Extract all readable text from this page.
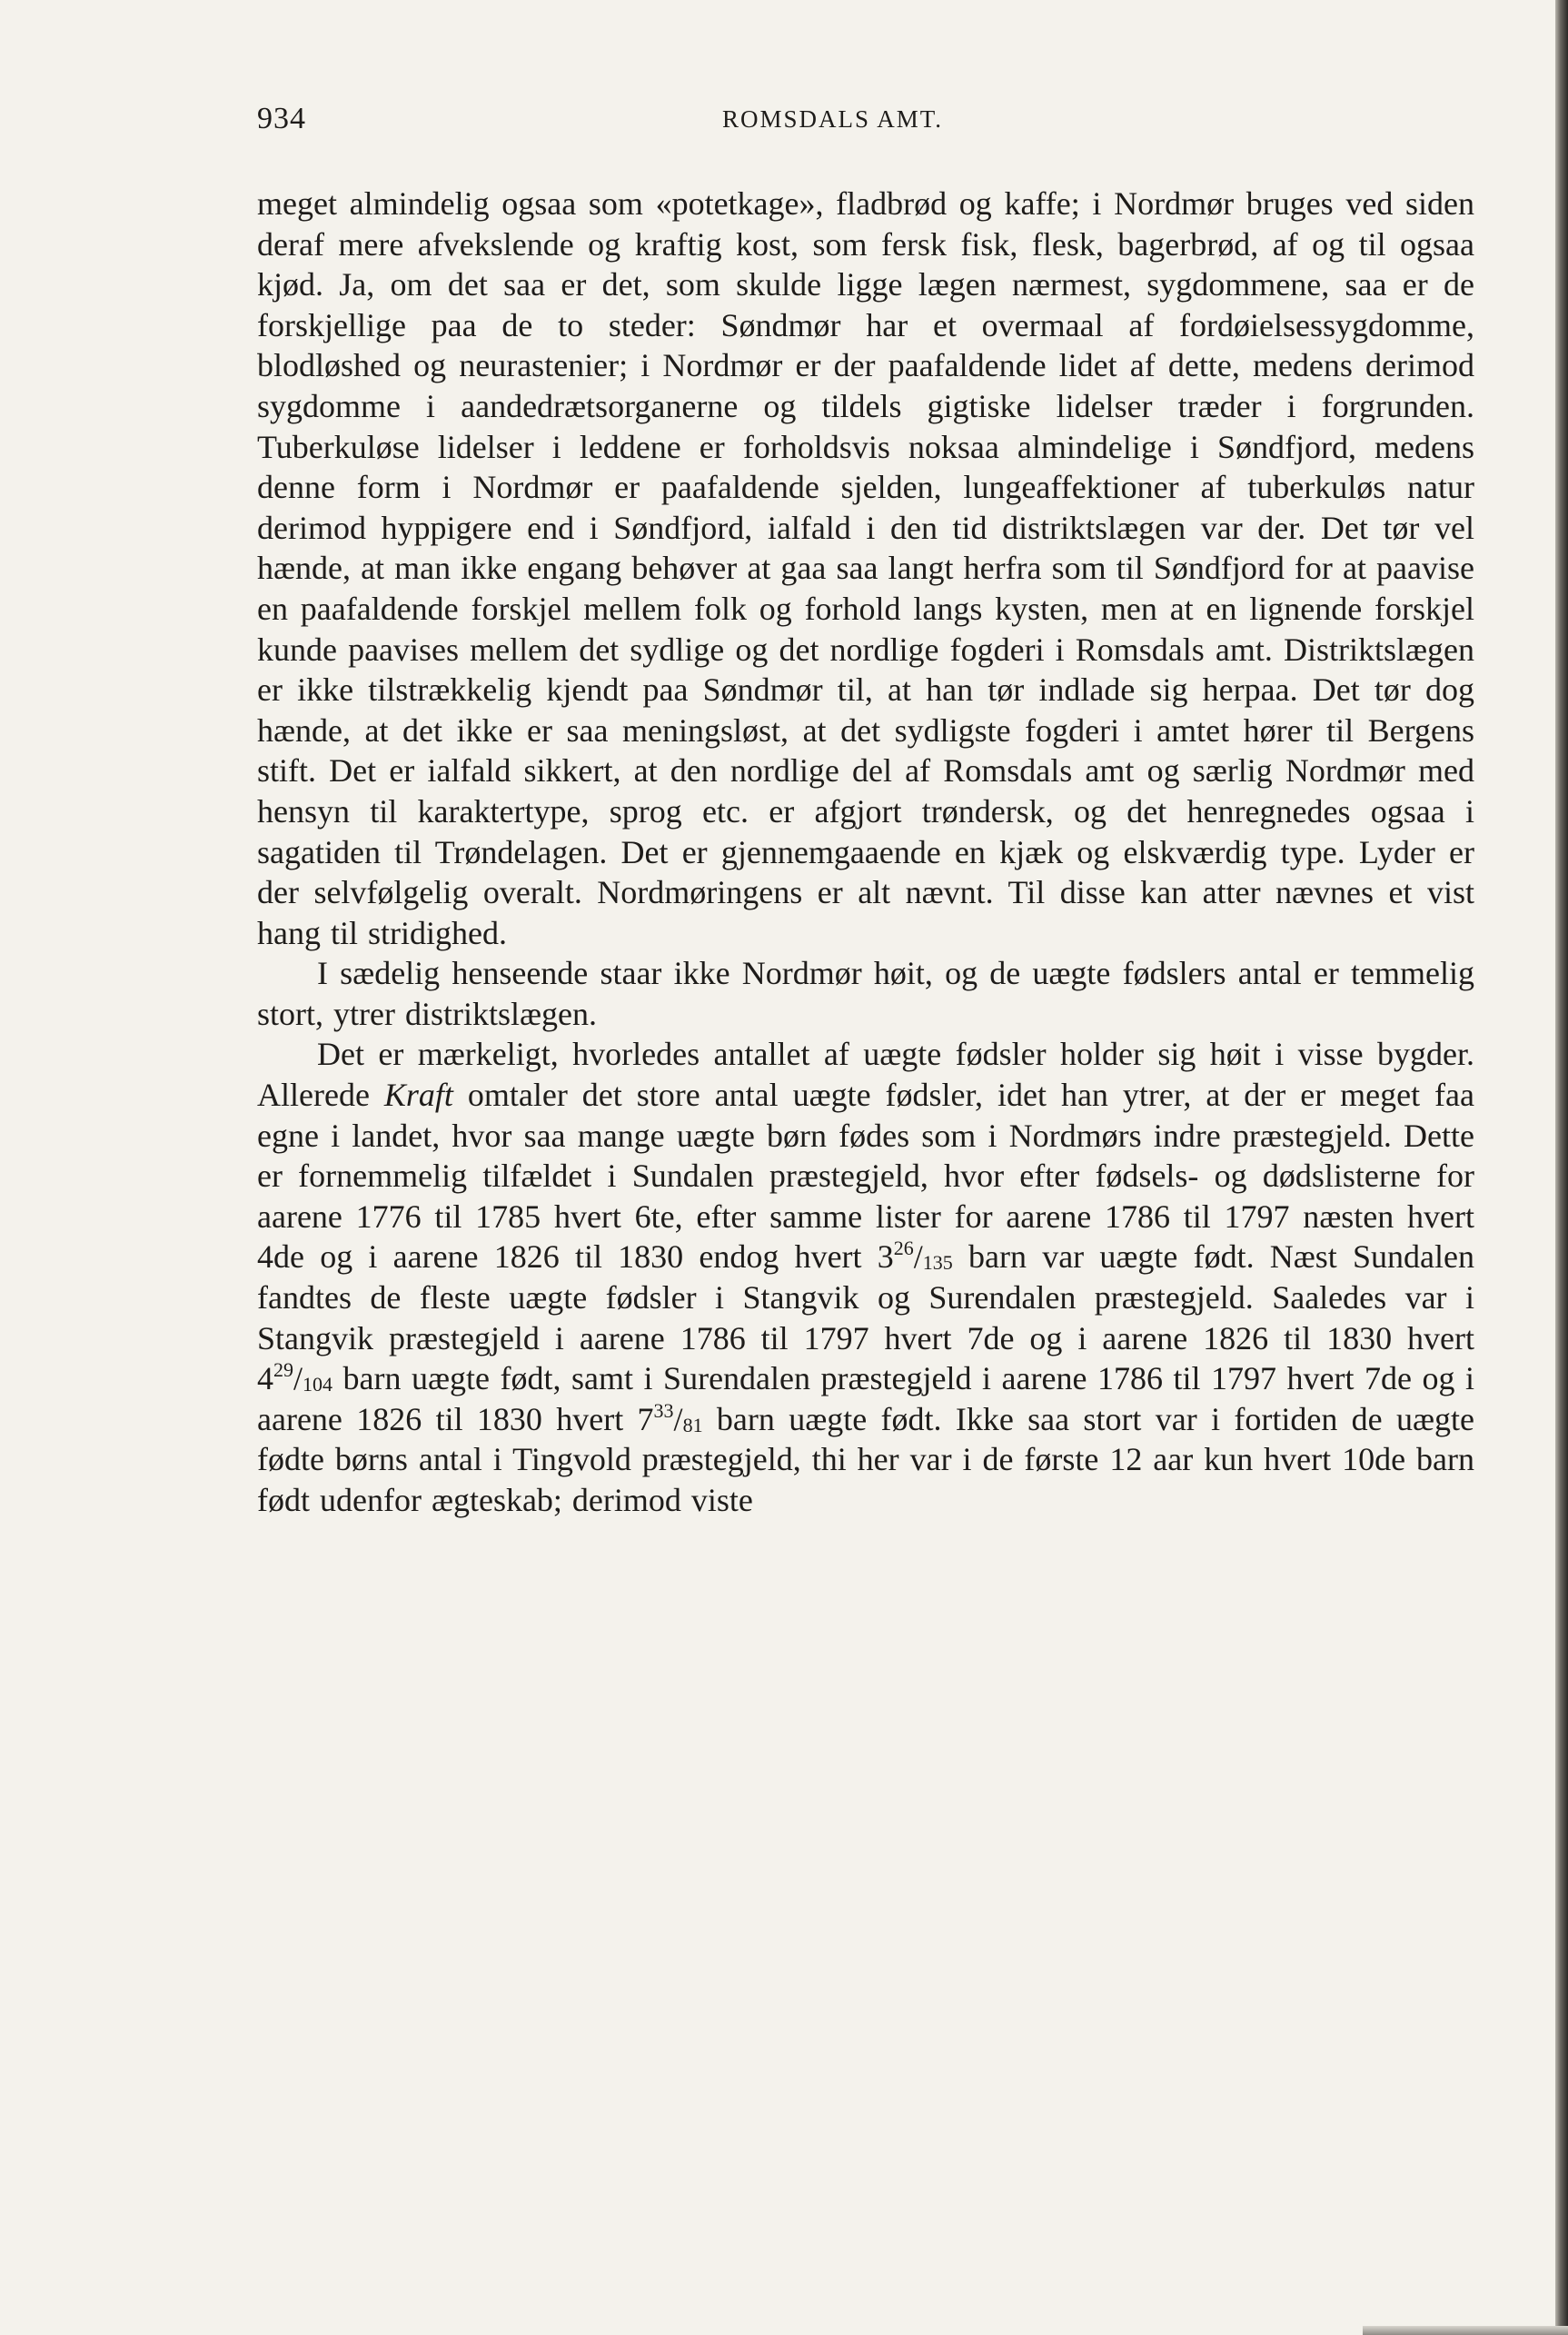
934	ROMSDALS AMT.

meget almindelig ogsaa som «potetkage», fladbrød og kaffe; i Nordmør bruges ved siden deraf mere afvekslende og kraftig kost, som fersk fisk, flesk, bagerbrød, af og til ogsaa kjød. Ja, om det saa er det, som skulde ligge lægen nærmest, sygdommene, saa er de forskjellige paa de to steder: Søndmør har et overmaal af fordøielsessygdomme, blodløshed og neurastenier; i Nordmør er der paafaldende lidet af dette, medens derimod sygdomme i aandedrætsorganerne og tildels gigtiske lidelser træder i forgrunden. Tuberkuløse lidelser i leddene er forholdsvis noksaa almindelige i Søndfjord, medens denne form i Nordmør er paafaldende sjelden, lungeaffektioner af tuberkuløs natur derimod hyppigere end i Søndfjord, ialfald i den tid distriktslægen var der. Det tør vel hænde, at man ikke engang behøver at gaa saa langt herfra som til Søndfjord for at paavise en paafaldende forskjel mellem folk og forhold langs kysten, men at en lignende forskjel kunde paavises mellem det sydlige og det nordlige fogderi i Romsdals amt. Distriktslægen er ikke tilstrækkelig kjendt paa Søndmør til, at han tør indlade sig herpaa. Det tør dog hænde, at det ikke er saa meningsløst, at det sydligste fogderi i amtet hører til Bergens stift. Det er ialfald sikkert, at den nordlige del af Romsdals amt og særlig Nordmør med hensyn til karaktertype, sprog etc. er afgjort trøndersk, og det henregnedes ogsaa i sagatiden til Trøndelagen. Det er gjennemgaaende en kjæk og elskværdig type. Lyder er der selvfølgelig overalt. Nordmøringens er alt nævnt. Til disse kan atter nævnes et vist hang til stridighed.

I sædelig henseende staar ikke Nordmør høit, og de uægte fødslers antal er temmelig stort, ytrer distriktslægen.

Det er mærkeligt, hvorledes antallet af uægte fødsler holder sig høit i visse bygder. Allerede Kraft omtaler det store antal uægte fødsler, idet han ytrer, at der er meget faa egne i landet, hvor saa mange uægte børn fødes som i Nordmørs indre præstegjeld. Dette er fornemmelig tilfældet i Sundalen præstegjeld, hvor efter fødsels- og dødslisterne for aarene 1776 til 1785 hvert 6te, efter samme lister for aarene 1786 til 1797 næsten hvert 4de og i aarene 1826 til 1830 endog hvert $3^{26}/_{135}$ barn var uægte født. Næst Sundalen fandtes de fleste uægte fødsler i Stangvik og Surendalen præstegjeld. Saaledes var i Stangvik præstegjeld i aarene 1786 til 1797 hvert 7de og i aarene 1826 til 1830 hvert $4^{29}/_{104}$ barn uægte født, samt i Surendalen præstegjeld i aarene 1786 til 1797 hvert 7de og i aarene 1826 til 1830 hvert $7^{33}/_{81}$ barn uægte født. Ikke saa stort var i fortiden de uægte fødte børns antal i Tingvold præstegjeld, thi her var i de første 12 aar kun hvert 10de barn født udenfor ægteskab; derimod viste
